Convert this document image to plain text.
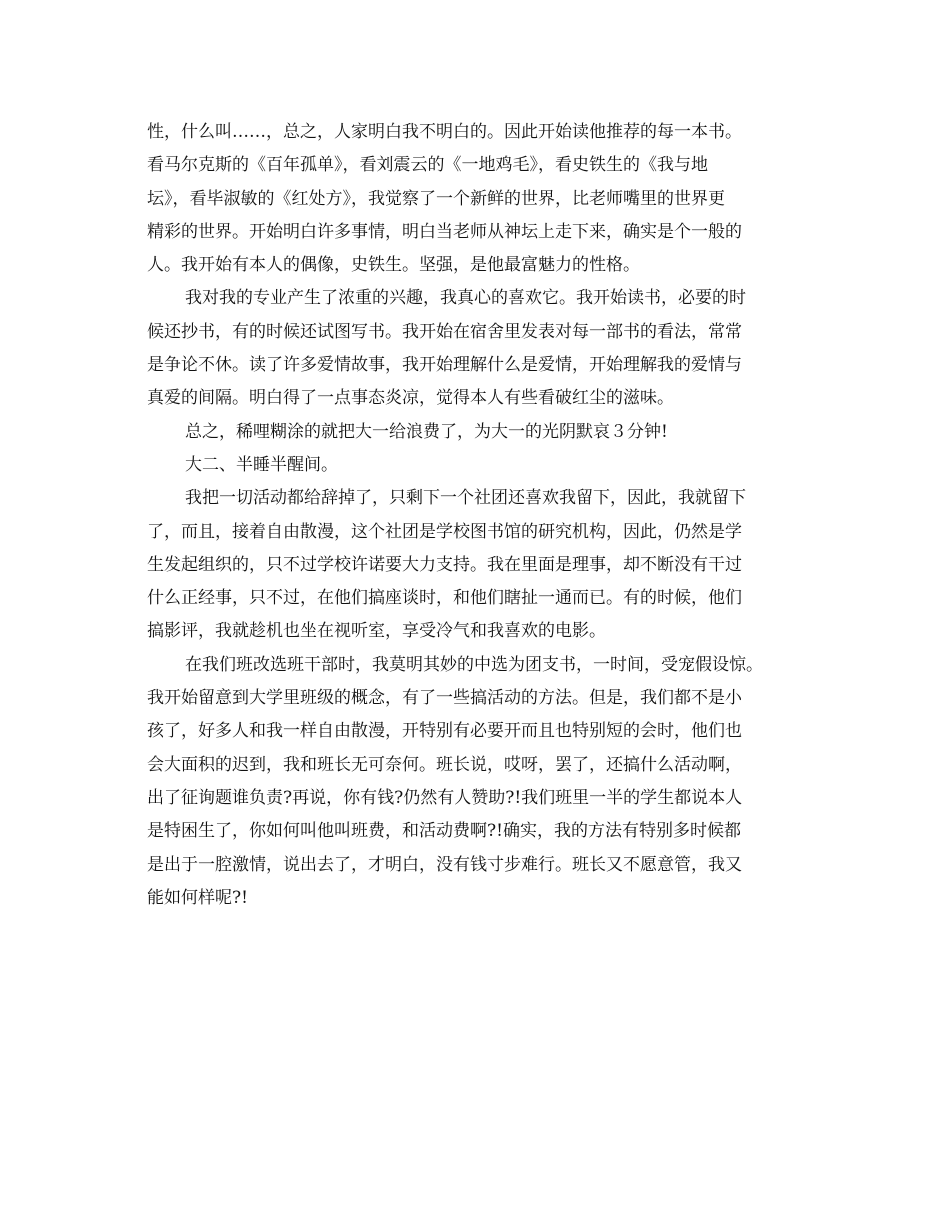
性，什么叫……，总之，人家明白我不明白的。因此开始读他推荐的每一本书。
看马尔克斯的《百年孤单》，看刘震云的《一地鸡毛》，看史铁生的《我与地
坛》，看毕淑敏的《红处方》，我觉察了一个新鲜的世界，比老师嘴里的世界更
精彩的世界。开始明白许多事情，明白当老师从神坛上走下来，确实是个一般的
人。我开始有本人的偶像，史铁生。坚强，是他最富魅力的性格。
我对我的专业产生了浓重的兴趣，我真心的喜欢它。我开始读书，必要的时
候还抄书，有的时候还试图写书。我开始在宿舍里发表对每一部书的看法，常常
是争论不休。读了许多爱情故事，我开始理解什么是爱情，开始理解我的爱情与
真爱的间隔。明白得了一点事态炎凉，觉得本人有些看破红尘的滋味。
总之，稀哩糊涂的就把大一给浪费了，为大一的光阴默哀３分钟!
大二、半睡半醒间。
我把一切活动都给辞掉了，只剩下一个社团还喜欢我留下，因此，我就留下
了，而且，接着自由散漫，这个社团是学校图书馆的研究机构，因此，仍然是学
生发起组织的，只不过学校许诺要大力支持。我在里面是理事，却不断没有干过
什么正经事，只不过，在他们搞座谈时，和他们瞎扯一通而已。有的时候，他们
搞影评，我就趁机也坐在视听室，享受冷气和我喜欢的电影。
在我们班改选班干部时，我莫明其妙的中选为团支书，一时间，受宠假设惊。
我开始留意到大学里班级的概念，有了一些搞活动的方法。但是，我们都不是小
孩了，好多人和我一样自由散漫，开特别有必要开而且也特别短的会时，他们也
会大面积的迟到，我和班长无可奈何。班长说，哎呀，罢了，还搞什么活动啊，
出了征询题谁负责?再说，你有钱?仍然有人赞助?!我们班里一半的学生都说本人
是特困生了，你如何叫他叫班费，和活动费啊?!确实，我的方法有特别多时候都
是出于一腔激情，说出去了，才明白，没有钱寸步难行。班长又不愿意管，我又
能如何样呢?!
